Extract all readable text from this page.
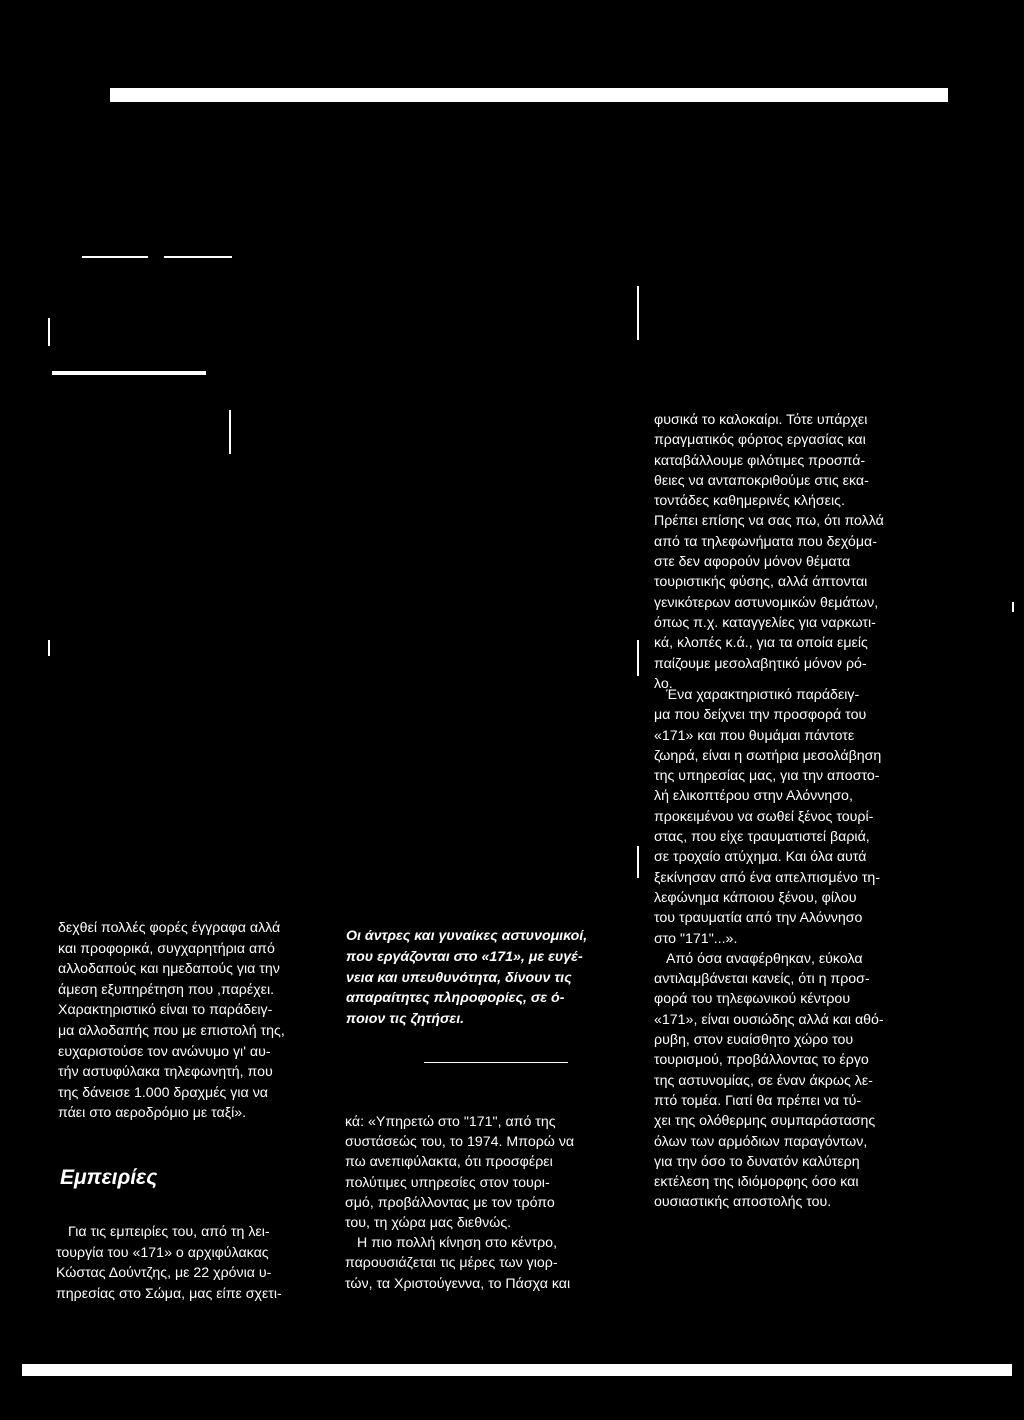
δεχθεί πολλές φορές έγγραφα αλλά

και προφορικά, συγχαρητήρια από

αλλοδαπούς και ημεδαπούς για την

άμεση εξυπηρέτηση που ,παρέχει.

Χαρακτηριστικό είναι το παράδειγ-

μα αλλοδαπής που με επιστολή της,

ευχαριστούσε τον ανώνυμο γι' αυ-

τήν αστυφύλακα τηλεφωνητή, που

της δάνεισε 1.000 δραχμές για να

πάει στο αεροδρόμιο με ταξί».

Εμπειρίες

Για τις εμπειρίες του, από τη λει-

τουργία του «171» ο αρχιφύλακας

Κώστας Δούντζης, με 22 χρόνια υ-

πηρεσίας στο Σώμα, μας είπε σχετι-

Οι άντρες και γυναίκες αστυνομικοί,

που εργάζονται στο «171», με ευγέ-

νεια και υπευθυνότητα, δίνουν τις

απαραίτητες πληροφορίες, σε ό-

ποιον τις ζητήσει.

κά: «Υπηρετώ στο "171", από της

συστάσεώς του, το 1974. Μπορώ να

πω ανεπιφύλακτα, ότι προσφέρει

πολύτιμες υπηρεσίες στον τουρι-

σμό, προβάλλοντας με τον τρόπο

του, τη χώρα μας διεθνώς.

Η πιο πολλή κίνηση στο κέντρο,

παρουσιάζεται τις μέρες των γιορ-

τών, τα Χριστούγεννα, το Πάσχα και

φυσικά το καλοκαίρι. Τότε υπάρχει

πραγματικός φόρτος εργασίας και

καταβάλλουμε φιλότιμες προσπά-

θειες να ανταποκριθούμε στις εκα-

τοντάδες καθημερινές κλήσεις.

Πρέπει επίσης να σας πω, ότι πολλά

από τα τηλεφωνήματα που δεχόμα-

στε δεν αφορούν μόνον θέματα

τουριστικής φύσης, αλλά άπτονται

γενικότερων αστυνομικών θεμάτων,

όπως π.χ. καταγγελίες για ναρκωτι-

κά, κλοπές κ.ά., για τα οποία εμείς

παίζουμε μεσολαβητικό μόνον ρό-

λο.

Ένα χαρακτηριστικό παράδειγ-

μα που δείχνει την προσφορά του

«171» και που θυμάμαι πάντοτε

ζωηρά, είναι η σωτήρια μεσολάβηση

της υπηρεσίας μας, για την αποστο-

λή ελικοπτέρου στην Αλόννησο,

προκειμένου να σωθεί ξένος τουρί-

στας, που είχε τραυματιστεί βαριά,

σε τροχαίο ατύχημα. Και όλα αυτά

ξεκίνησαν από ένα απελπισμένο τη-

λεφώνημα κάποιου ξένου, φίλου

του τραυματία από την Αλόννησο

στο "171"...».

Από όσα αναφέρθηκαν, εύκολα

αντιλαμβάνεται κανείς, ότι η προσ-

φορά του τηλεφωνικού κέντρου

«171», είναι ουσιώδης αλλά και αθό-

ρυβη, στον ευαίσθητο χώρο του

τουρισμού, προβάλλοντας το έργο

της αστυνομίας, σε έναν άκρως λε-

πτό τομέα. Γιατί θα πρέπει να τύ-

χει της ολόθερμης συμπαράστασης

όλων των αρμόδιων παραγόντων,

για την όσο το δυνατόν καλύτερη

εκτέλεση της ιδιόμορφης όσο και

ουσιαστικής αποστολής του.
